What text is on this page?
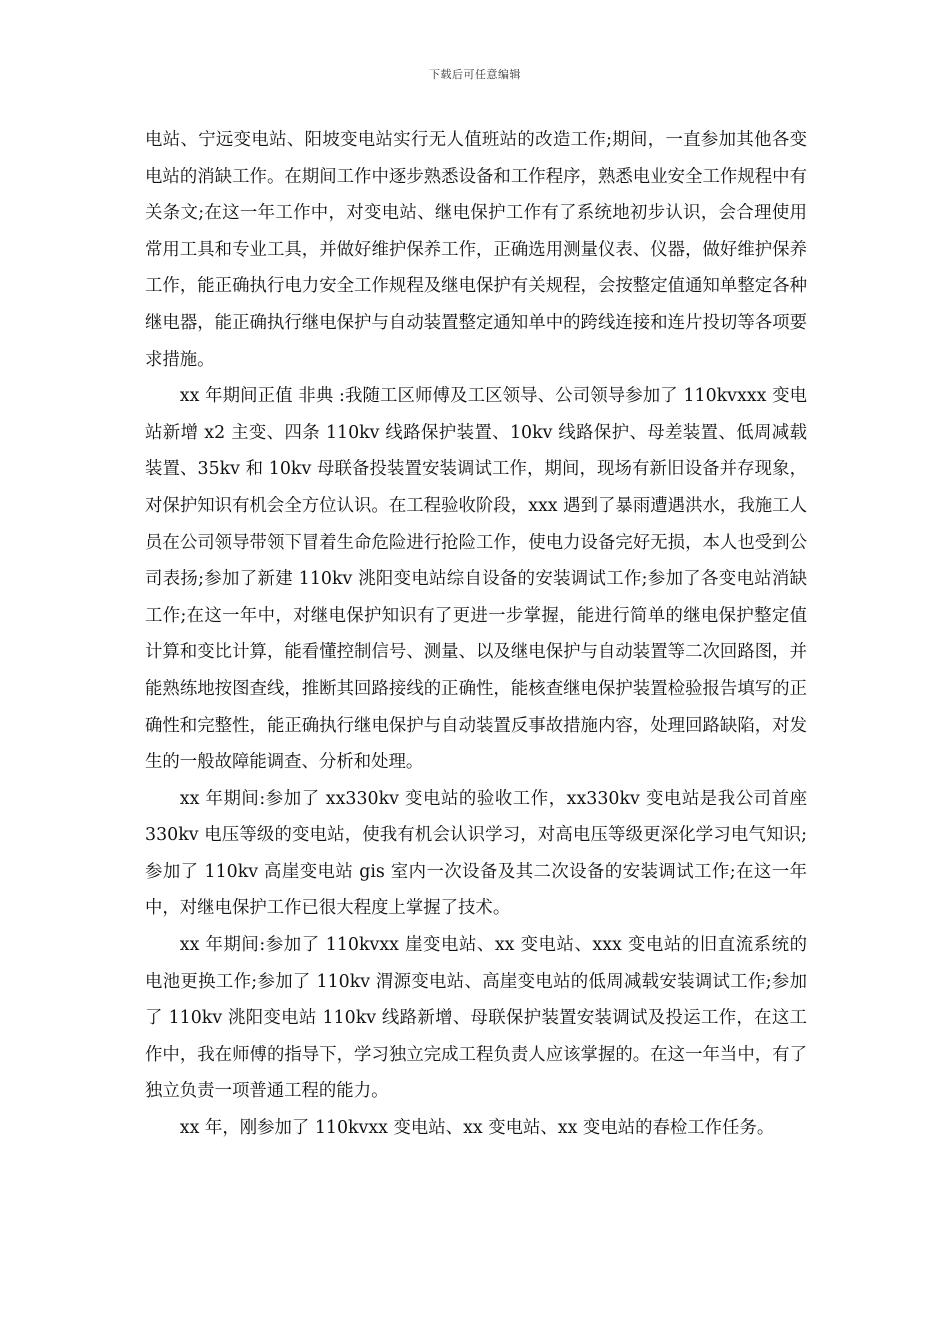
下载后可任意编辑

电站、宁远变电站、阳坡变电站实行无人值班站的改造工作;期间，一直参加其他各变电站的消缺工作。在期间工作中逐步熟悉设备和工作程序，熟悉电业安全工作规程中有关条文;在这一年工作中，对变电站、继电保护工作有了系统地初步认识，会合理使用常用工具和专业工具，并做好维护保养工作，正确选用测量仪表、仪器，做好维护保养工作，能正确执行电力安全工作规程及继电保护有关规程，会按整定值通知单整定各种继电器，能正确执行继电保护与自动装置整定通知单中的跨线连接和连片投切等各项要求措施。

xx 年期间正值 非典 :我随工区师傅及工区领导、公司领导参加了 110kvxxx 变电站新增 x2 主变、四条 110kv 线路保护装置、10kv 线路保护、母差装置、低周减载装置、35kv 和 10kv 母联备投装置安装调试工作，期间，现场有新旧设备并存现象，对保护知识有机会全方位认识。在工程验收阶段，xxx 遇到了暴雨遭遇洪水，我施工人员在公司领导带领下冒着生命危险进行抢险工作，使电力设备完好无损，本人也受到公司表扬;参加了新建 110kv 洮阳变电站综自设备的安装调试工作;参加了各变电站消缺工作;在这一年中，对继电保护知识有了更进一步掌握，能进行简单的继电保护整定值计算和变比计算，能看懂控制信号、测量、以及继电保护与自动装置等二次回路图，并能熟练地按图查线，推断其回路接线的正确性，能核查继电保护装置检验报告填写的正确性和完整性，能正确执行继电保护与自动装置反事故措施内容，处理回路缺陷，对发生的一般故障能调查、分析和处理。

xx 年期间:参加了 xx330kv 变电站的验收工作，xx330kv 变电站是我公司首座 330kv 电压等级的变电站，使我有机会认识学习，对高电压等级更深化学习电气知识;参加了 110kv 高崖变电站 gis 室内一次设备及其二次设备的安装调试工作;在这一年中，对继电保护工作已很大程度上掌握了技术。

xx 年期间:参加了 110kvxx 崖变电站、xx 变电站、xxx 变电站的旧直流系统的电池更换工作;参加了 110kv 渭源变电站、高崖变电站的低周减载安装调试工作;参加了 110kv 洮阳变电站 110kv 线路新增、母联保护装置安装调试及投运工作，在这工作中，我在师傅的指导下，学习独立完成工程负责人应该掌握的。在这一年当中，有了独立负责一项普通工程的能力。

xx 年，刚参加了 110kvxx 变电站、xx 变电站、xx 变电站的春检工作任务。
